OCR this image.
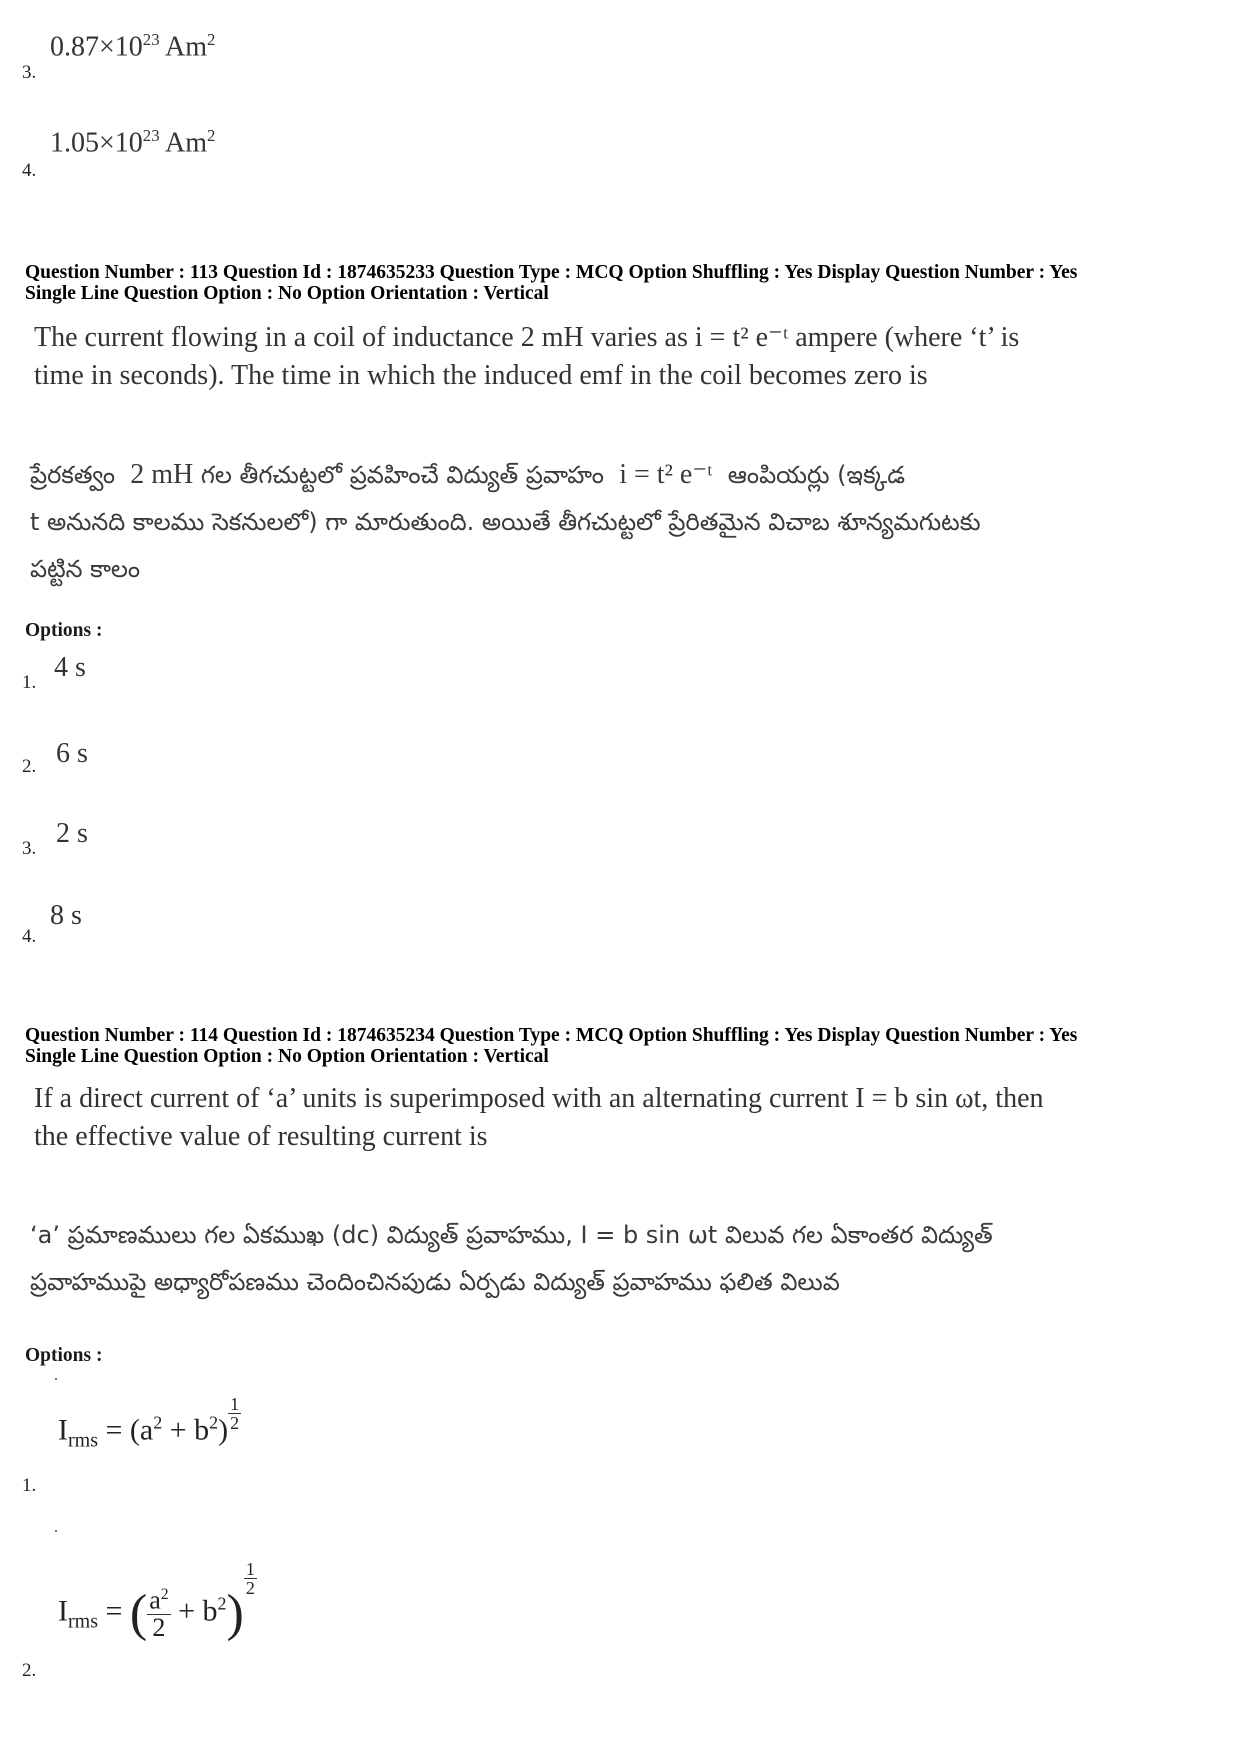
$0.87\times 10^{23}$ Am$^2$
3.
$1.05\times 10^{23}$ Am$^2$
4.
Question Number : 113 Question Id : 1874635233 Question Type : MCQ Option Shuffling : Yes Display Question Number : Yes
Single Line Question Option : No Option Orientation : Vertical
The current flowing in a coil of inductance 2 mH varies as i = t² e⁻ᵗ ampere (where ‘t’ is
time in seconds). The time in which the induced emf in the coil becomes zero is
ప్రేరకత్వం 2 mH గల తీగచుట్టలో ప్రవహించే విద్యుత్ ప్రవాహం i = t² e⁻ᵗ ఆంపియర్లు (ఇక్కడ
t అనునది కాలము సెకనులలో) గా మారుతుంది. అయితే తీగచుట్టలో ప్రేరితమైన విచాబ శూన్యమగుటకు
పట్టిన కాలం
Options :
4 s
1.
6 s
2.
2 s
3.
8 s
4.
Question Number : 114 Question Id : 1874635234 Question Type : MCQ Option Shuffling : Yes Display Question Number : Yes
Single Line Question Option : No Option Orientation : Vertical
If a direct current of ‘a’ units is superimposed with an alternating current I = b sin ωt, then
the effective value of resulting current is
‘a’ ప్రమాణములు గల ఏకముఖ (dc) విద్యుత్ ప్రవాహము, I = b sin ωt విలువ గల ఏకాంతర విద్యుత్
ప్రవాహముపై అధ్యారోపణము చెందించినపుడు ఏర్పడు విద్యుత్ ప్రవాహము ఫలిత విలువ
Options :
$I_{rms} = (a^2 + b^2)$ $^{\frac{1}{2}}$
1.
$I_{rms}$ = ( $\frac{a^2}{2} + b^2$)
$^{\frac{1}{2}}$
2.
